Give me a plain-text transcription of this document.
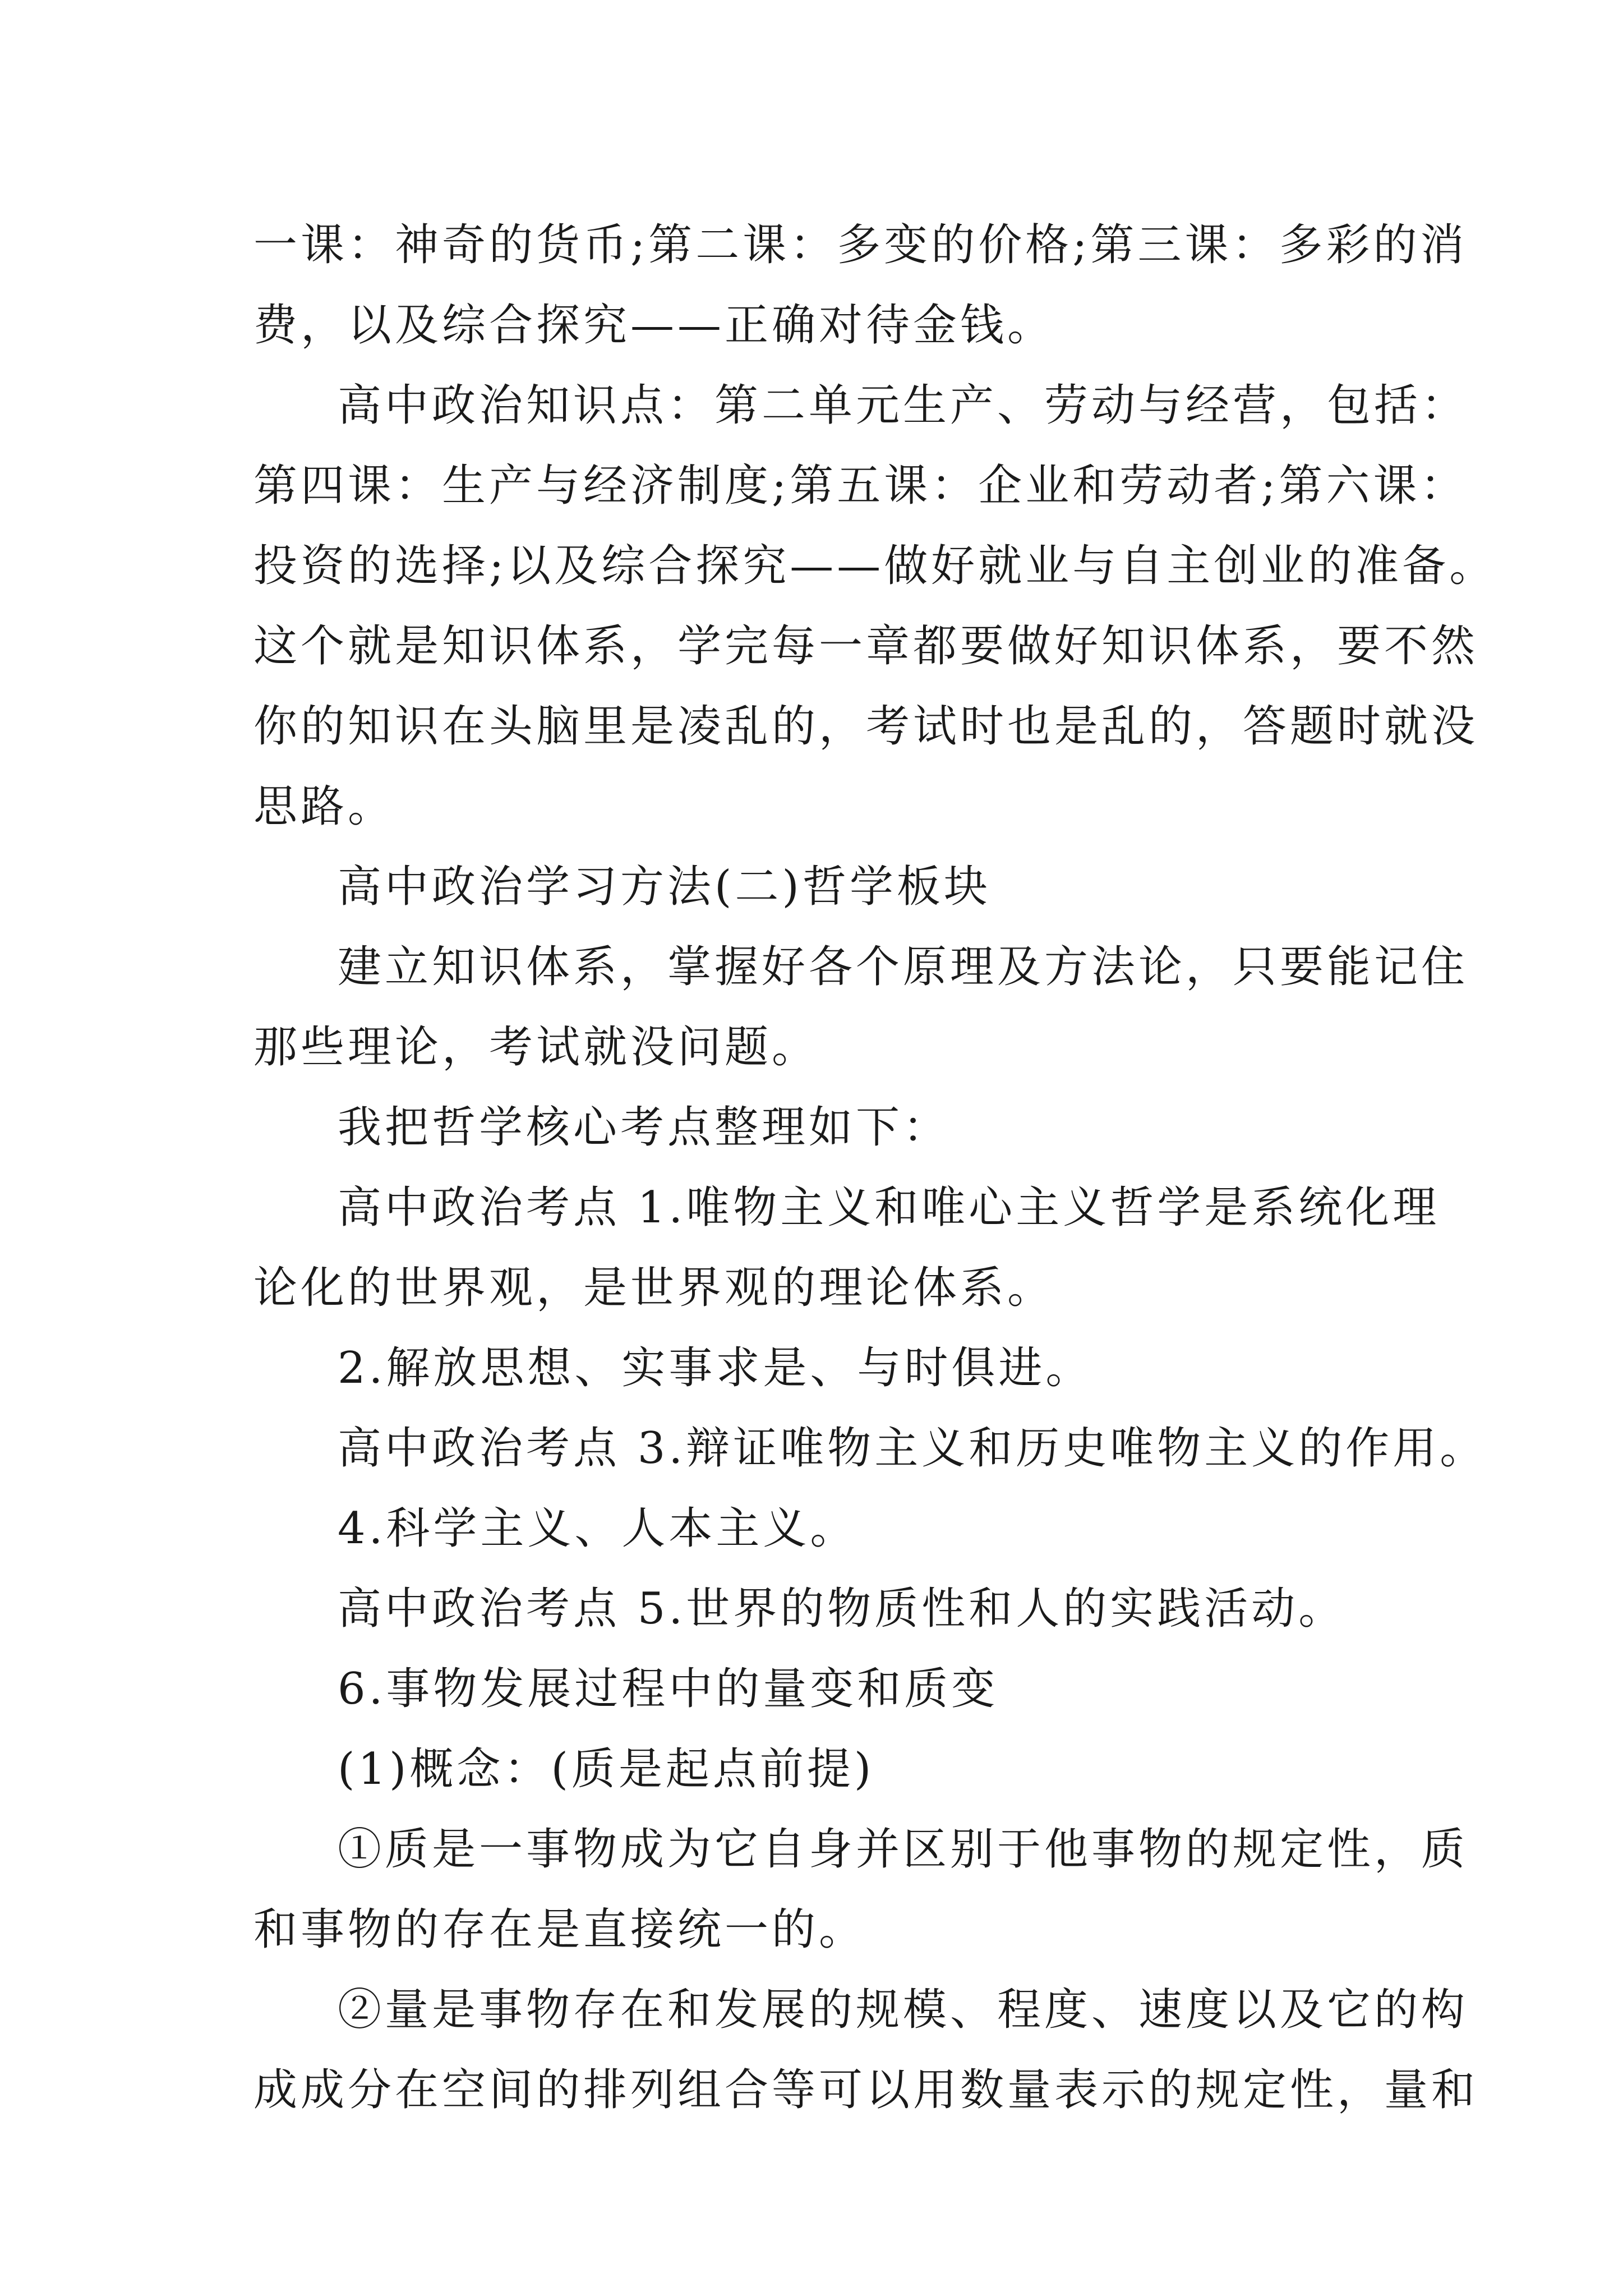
一课：神奇的货币;第二课：多变的价格;第三课：多彩的消
费，以及综合探究——正确对待金钱。
高中政治知识点：第二单元生产、劳动与经营，包括：
第四课：生产与经济制度;第五课：企业和劳动者;第六课：
投资的选择;以及综合探究——做好就业与自主创业的准备。
这个就是知识体系，学完每一章都要做好知识体系，要不然
你的知识在头脑里是凌乱的，考试时也是乱的，答题时就没
思路。
高中政治学习方法(二)哲学板块
建立知识体系，掌握好各个原理及方法论，只要能记住
那些理论，考试就没问题。
我把哲学核心考点整理如下：
高中政治考点 1.唯物主义和唯心主义哲学是系统化理
论化的世界观，是世界观的理论体系。
2.解放思想、实事求是、与时俱进。
高中政治考点 3.辩证唯物主义和历史唯物主义的作用。
4.科学主义、人本主义。
高中政治考点 5.世界的物质性和人的实践活动。
6.事物发展过程中的量变和质变
(1)概念：(质是起点前提)
①质是一事物成为它自身并区别于他事物的规定性，质
和事物的存在是直接统一的。
②量是事物存在和发展的规模、程度、速度以及它的构
成成分在空间的排列组合等可以用数量表示的规定性，量和
